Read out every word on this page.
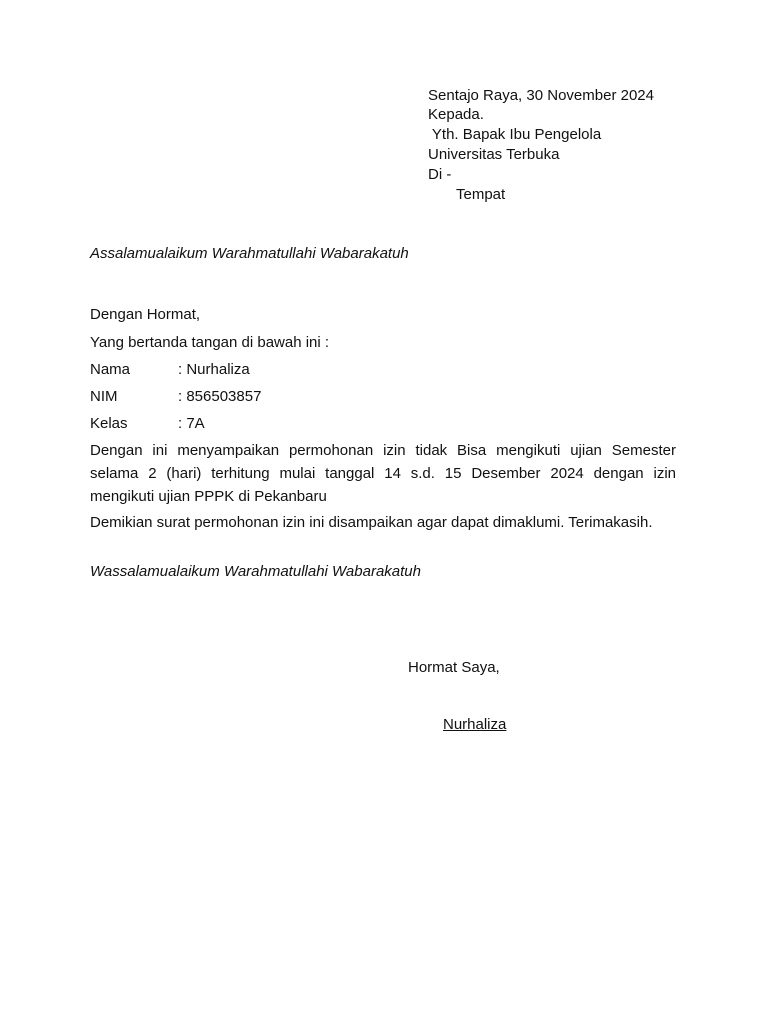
Sentajo Raya, 30 November 2024
Kepada.
Yth. Bapak Ibu Pengelola
Universitas Terbuka
Di -
Tempat
Assalamualaikum Warahmatullahi Wabarakatuh
Dengan Hormat,
Yang bertanda tangan di bawah ini :
Nama	: Nurhaliza
NIM	: 856503857
Kelas	: 7A
Dengan ini menyampaikan permohonan izin tidak Bisa mengikuti ujian Semester selama 2 (hari) terhitung mulai tanggal 14 s.d. 15 Desember 2024 dengan izin mengikuti ujian PPPK di Pekanbaru
Demikian surat permohonan izin ini disampaikan agar dapat dimaklumi. Terimakasih.
Wassalamualaikum Warahmatullahi Wabarakatuh
Hormat Saya,
Nurhaliza
